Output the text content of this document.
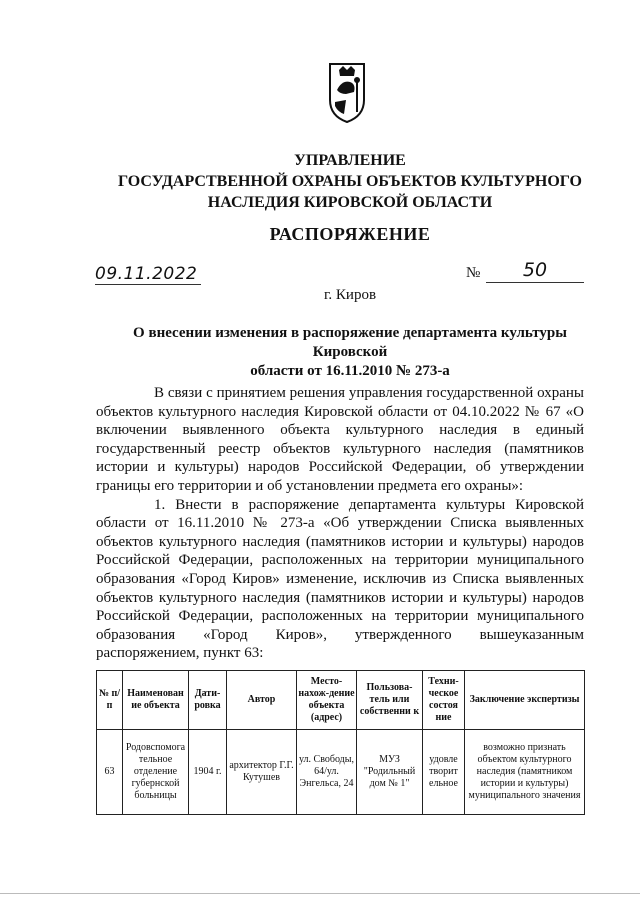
УПРАВЛЕНИЕ
ГОСУДАРСТВЕННОЙ ОХРАНЫ ОБЪЕКТОВ КУЛЬТУРНОГО
НАСЛЕДИЯ КИРОВСКОЙ ОБЛАСТИ
РАСПОРЯЖЕНИЕ
09.11.2022	№	50
г. Киров
О внесении изменения в распоряжение департамента культуры Кировской
области от 16.11.2010 № 273-а

В связи с принятием решения управления государственной охраны объектов культурного наследия Кировской области от 04.10.2022 № 67 «О включении выявленного объекта культурного наследия в единый государственный реестр объектов культурного наследия (памятников истории и культуры) народов Российской Федерации, об утверждении границы его территории и об установлении предмета его охраны»:

1. Внести в распоряжение департамента культуры Кировской области от 16.11.2010 № 273-а «Об утверждении Списка выявленных объектов культурного наследия (памятников истории и культуры) народов Российской Федерации, расположенных на территории муниципального образования «Город Киров» изменение, исключив из Списка выявленных объектов культурного наследия (памятников истории и культуры) народов Российской Федерации, расположенных на территории муниципального образования «Город Киров», утвержденного вышеуказанным распоряжением, пункт 63:

№ п/п	Наименован ие объекта	Дати-ровка	Автор	Место-нахож-дение объекта (адрес)	Пользова-тель или собственни к	Техни-ческое состоя ние	Заключение экспертизы
63	Родовспомога тельное отделение губернской больницы	1904 г.	архитектор Г.Г. Кутушев	ул. Свободы, 64/ул. Энгельса, 24	МУЗ "Родильный дом № 1"	удовле творит ельное	возможно признать объектом культурного наследия (памятником истории и культуры) муниципального значения
